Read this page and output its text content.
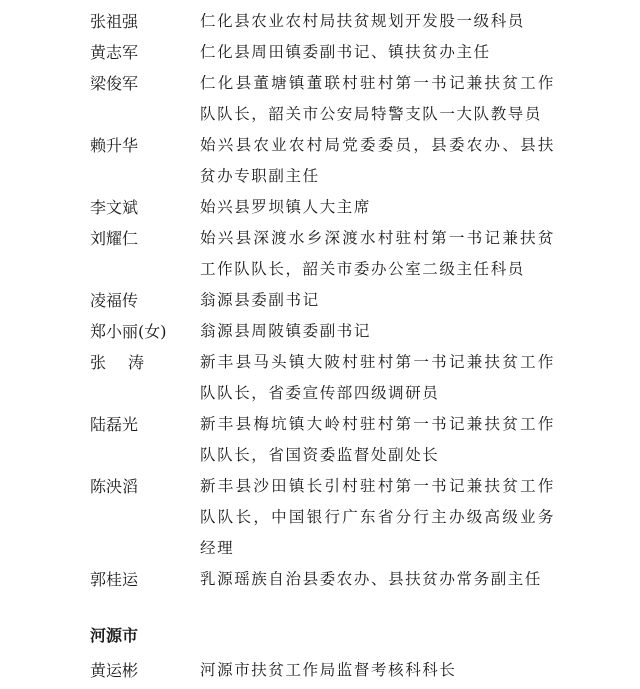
张祖强	仁化县农业农村局扶贫规划开发股一级科员
黄志军	仁化县周田镇委副书记、镇扶贫办主任
梁俊军	仁化县董塘镇董联村驻村第一书记兼扶贫工作队队长，韶关市公安局特警支队一大队教导员
赖升华	始兴县农业农村局党委委员，县委农办、县扶贫办专职副主任
李文斌	始兴县罗坝镇人大主席
刘耀仁	始兴县深渡水乡深渡水村驻村第一书记兼扶贫工作队队长，韶关市委办公室二级主任科员
凌福传	翁源县委副书记
郑小丽(女)	翁源县周陂镇委副书记
张涛	新丰县马头镇大陂村驻村第一书记兼扶贫工作队队长，省委宣传部四级调研员
陆磊光	新丰县梅坑镇大岭村驻村第一书记兼扶贫工作队队长，省国资委监督处副处长
陈泱滔	新丰县沙田镇长引村驻村第一书记兼扶贫工作队队长，中国银行广东省分行主办级高级业务经理
郭桂运	乳源瑶族自治县委农办、县扶贫办常务副主任
河源市
黄运彬	河源市扶贫工作局监督考核科科长
